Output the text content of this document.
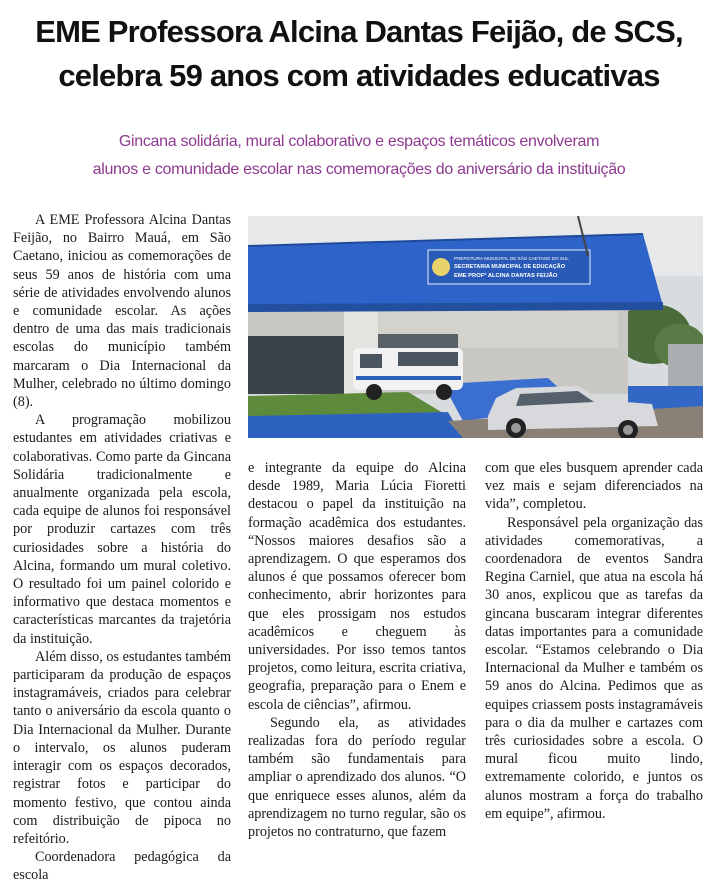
EME Professora Alcina Dantas Feijão, de SCS,
celebra 59 anos com atividades educativas
Gincana solidária, mural colaborativo e espaços temáticos envolveram
alunos e comunidade escolar nas comemorações do aniversário da instituição

A EME Professora Alcina Dantas Feijão, no Bairro Mauá, em São Caetano, iniciou as comemorações de seus 59 anos de história com uma série de atividades envolvendo alunos e comunidade escolar. As ações dentro de uma das mais tradicionais escolas do município também marcaram o Dia Internacional da Mulher, celebrado no último domingo (8).

A programação mobilizou estudantes em atividades criativas e colaborativas. Como parte da Gincana Solidária tradicionalmente e anualmente organizada pela escola, cada equipe de alunos foi responsável por produzir cartazes com três curiosidades sobre a história do Alcina, formando um mural coletivo. O resultado foi um painel colorido e informativo que destaca momentos e características marcantes da trajetória da instituição.

Além disso, os estudantes também participaram da produção de espaços instagramáveis, criados para celebrar tanto o aniversário da escola quanto o Dia Internacional da Mulher. Durante o intervalo, os alunos puderam interagir com os espaços decorados, registrar fotos e participar do momento festivo, que contou ainda com distribuição de pipoca no refeitório.

Coordenadora pedagógica da escola

PREFEITURA MUNICIPAL DE SÃO CAETANO DO SUL
SECRETARIA MUNICIPAL DE EDUCAÇÃO
EME PROFª ALCINA DANTAS FEIJÃO

e integrante da equipe do Alcina desde 1989, Maria Lúcia Fioretti destacou o papel da instituição na formação acadêmica dos estudantes. “Nossos maiores desafios são a aprendizagem. O que esperamos dos alunos é que possamos oferecer bom conhecimento, abrir horizontes para que eles prossigam nos estudos acadêmicos e cheguem às universidades. Por isso temos tantos projetos, como leitura, escrita criativa, geografia, preparação para o Enem e escola de ciências”, afirmou.

Segundo ela, as atividades realizadas fora do período regular também são fundamentais para ampliar o aprendizado dos alunos. “O que enriquece esses alunos, além da aprendizagem no turno regular, são os projetos no contraturno, que fazem

com que eles busquem aprender cada vez mais e sejam diferenciados na vida”, completou.

Responsável pela organização das atividades comemorativas, a coordenadora de eventos Sandra Regina Carniel, que atua na escola há 30 anos, explicou que as tarefas da gincana buscaram integrar diferentes datas importantes para a comunidade escolar. “Estamos celebrando o Dia Internacional da Mulher e também os 59 anos do Alcina. Pedimos que as equipes criassem posts instagramáveis para o dia da mulher e cartazes com três curiosidades sobre a escola. O mural ficou muito lindo, extremamente colorido, e juntos os alunos mostram a força do trabalho em equipe”, afirmou.
